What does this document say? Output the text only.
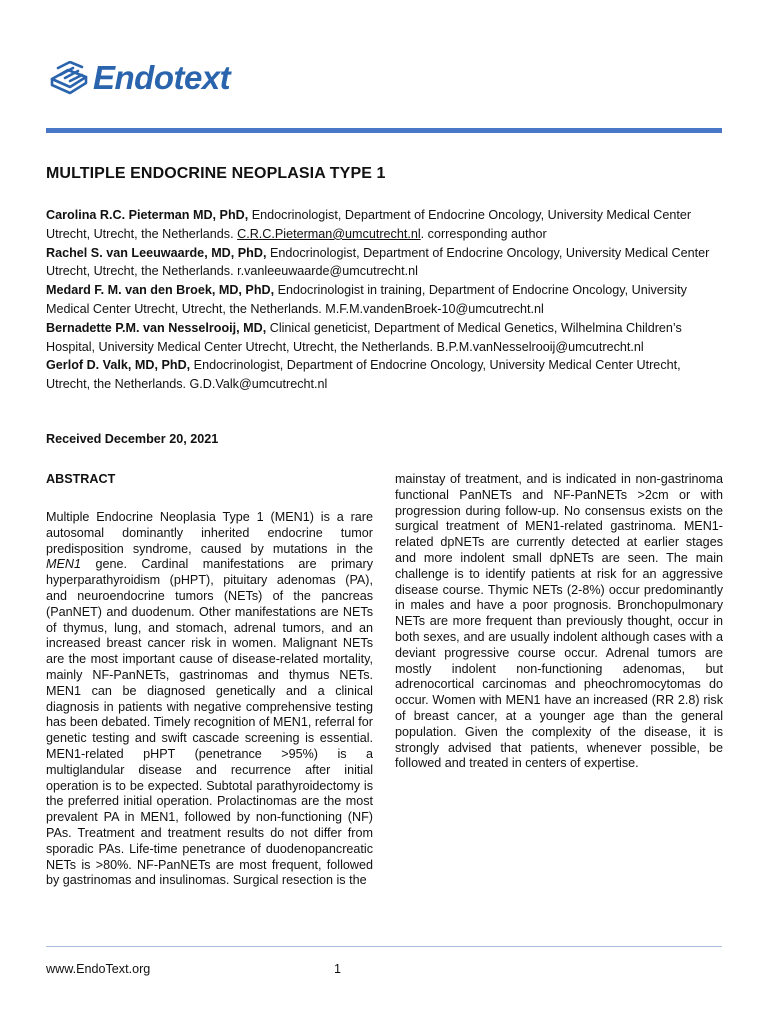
Endotext
MULTIPLE ENDOCRINE NEOPLASIA TYPE 1

Carolina R.C. Pieterman MD, PhD, Endocrinologist, Department of Endocrine Oncology, University Medical Center Utrecht, Utrecht, the Netherlands. C.R.C.Pieterman@umcutrecht.nl. corresponding author

Rachel S. van Leeuwaarde, MD, PhD, Endocrinologist, Department of Endocrine Oncology, University Medical Center Utrecht, Utrecht, the Netherlands. r.vanleeuwaarde@umcutrecht.nl

Medard F. M. van den Broek, MD, PhD, Endocrinologist in training, Department of Endocrine Oncology, University Medical Center Utrecht, Utrecht, the Netherlands. M.F.M.vandenBroek-10@umcutrecht.nl

Bernadette P.M. van Nesselrooij, MD, Clinical geneticist, Department of Medical Genetics, Wilhelmina Children’s Hospital, University Medical Center Utrecht, Utrecht, the Netherlands. B.P.M.vanNesselrooij@umcutrecht.nl

Gerlof D. Valk, MD, PhD, Endocrinologist, Department of Endocrine Oncology, University Medical Center Utrecht, Utrecht, the Netherlands. G.D.Valk@umcutrecht.nl

Received December 20, 2021

ABSTRACT

Multiple Endocrine Neoplasia Type 1 (MEN1) is a rare autosomal dominantly inherited endocrine tumor predisposition syndrome, caused by mutations in the MEN1 gene. Cardinal manifestations are primary hyperparathyroidism (pHPT), pituitary adenomas (PA), and neuroendocrine tumors (NETs) of the pancreas (PanNET) and duodenum. Other manifestations are NETs of thymus, lung, and stomach, adrenal tumors, and an increased breast cancer risk in women. Malignant NETs are the most important cause of disease-related mortality, mainly NF-PanNETs, gastrinomas and thymus NETs. MEN1 can be diagnosed genetically and a clinical diagnosis in patients with negative comprehensive testing has been debated. Timely recognition of MEN1, referral for genetic testing and swift cascade screening is essential. MEN1-related pHPT (penetrance >95%) is a multiglandular disease and recurrence after initial operation is to be expected. Subtotal parathyroidectomy is the preferred initial operation. Prolactinomas are the most prevalent PA in MEN1, followed by non-functioning (NF) PAs. Treatment and treatment results do not differ from sporadic PAs. Life-time penetrance of duodenopancreatic NETs is >80%. NF-PanNETs are most frequent, followed by gastrinomas and insulinomas. Surgical resection is the

mainstay of treatment, and is indicated in non-gastrinoma functional PanNETs and NF-PanNETs >2cm or with progression during follow-up. No consensus exists on the surgical treatment of MEN1-related gastrinoma. MEN1-related dpNETs are currently detected at earlier stages and more indolent small dpNETs are seen. The main challenge is to identify patients at risk for an aggressive disease course. Thymic NETs (2-8%) occur predominantly in males and have a poor prognosis. Bronchopulmonary NETs are more frequent than previously thought, occur in both sexes, and are usually indolent although cases with a deviant progressive course occur. Adrenal tumors are mostly indolent non-functioning adenomas, but adrenocortical carcinomas and pheochromocytomas do occur. Women with MEN1 have an increased (RR 2.8) risk of breast cancer, at a younger age than the general population. Given the complexity of the disease, it is strongly advised that patients, whenever possible, be followed and treated in centers of expertise.

www.EndoText.org	1
